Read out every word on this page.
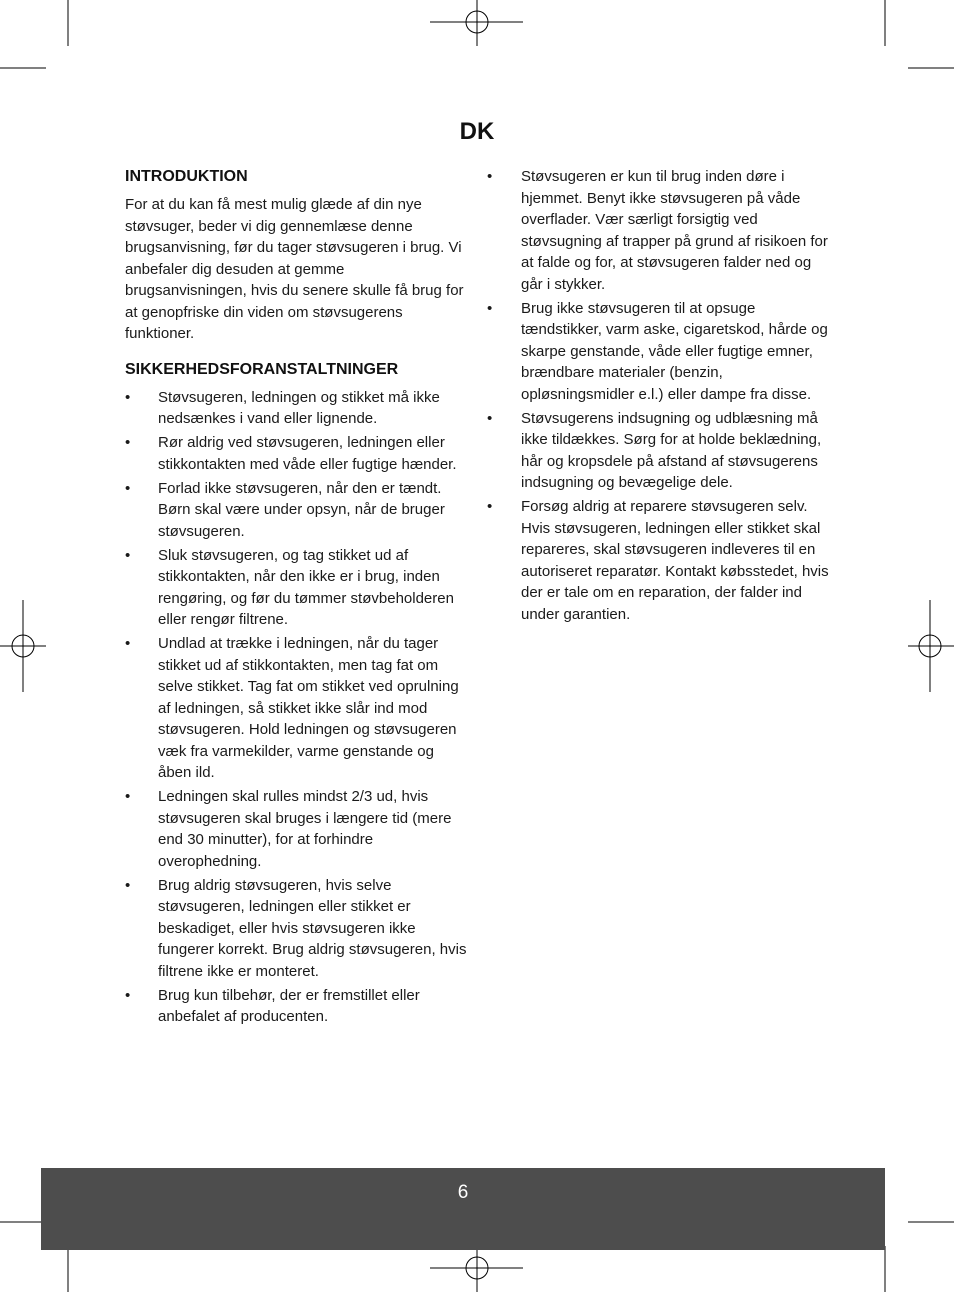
DK
INTRODUKTION

For at du kan få mest mulig glæde af din nye støvsuger, beder vi dig gennemlæse denne brugsanvisning, før du tager støvsugeren i brug. Vi anbefaler dig desuden at gemme brugsanvisningen, hvis du senere skulle få brug for at genopfriske din viden om støvsugerens funktioner.

SIKKERHEDSFORANSTALTNINGER
• Støvsugeren, ledningen og stikket må ikke nedsænkes i vand eller lignende.
• Rør aldrig ved støvsugeren, ledningen eller stikkontakten med våde eller fugtige hænder.
• Forlad ikke støvsugeren, når den er tændt. Børn skal være under opsyn, når de bruger støvsugeren.
• Sluk støvsugeren, og tag stikket ud af stikkontakten, når den ikke er i brug, inden rengøring, og før du tømmer støvbeholderen eller rengør filtrene.
• Undlad at trække i ledningen, når du tager stikket ud af stikkontakten, men tag fat om selve stikket. Tag fat om stikket ved oprulning af ledningen, så stikket ikke slår ind mod støvsugeren. Hold ledningen og støvsugeren væk fra varmekilder, varme genstande og åben ild.
• Ledningen skal rulles mindst 2/3 ud, hvis støvsugeren skal bruges i længere tid (mere end 30 minutter), for at forhindre overophedning.
• Brug aldrig støvsugeren, hvis selve støvsugeren, ledningen eller stikket er beskadiget, eller hvis støvsugeren ikke fungerer korrekt. Brug aldrig støvsugeren, hvis filtrene ikke er monteret.
• Brug kun tilbehør, der er fremstillet eller anbefalet af producenten.
• Støvsugeren er kun til brug inden døre i hjemmet. Benyt ikke støvsugeren på våde overflader. Vær særligt forsigtig ved støvsugning af trapper på grund af risikoen for at falde og for, at støvsugeren falder ned og går i stykker.
• Brug ikke støvsugeren til at opsuge tændstikker, varm aske, cigaretskod, hårde og skarpe genstande, våde eller fugtige emner, brændbare materialer (benzin, opløsningsmidler e.l.) eller dampe fra disse.
• Støvsugerens indsugning og udblæsning må ikke tildækkes. Sørg for at holde beklædning, hår og kropsdele på afstand af støvsugerens indsugning og bevægelige dele.
• Forsøg aldrig at reparere støvsugeren selv. Hvis støvsugeren, ledningen eller stikket skal repareres, skal støvsugeren indleveres til en autoriseret reparatør. Kontakt købsstedet, hvis der er tale om en reparation, der falder ind under garantien.
6
